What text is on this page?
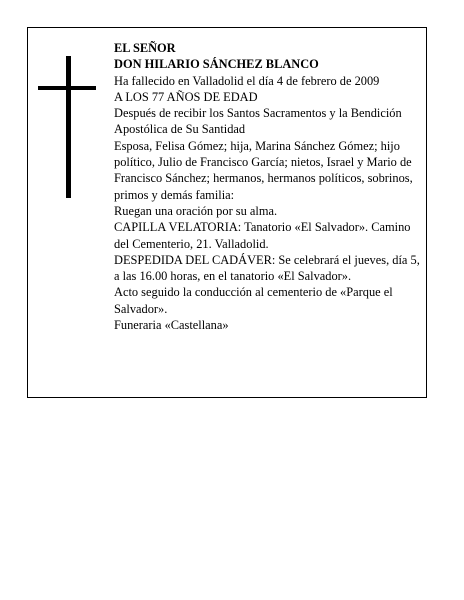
EL SEÑOR

DON HILARIO SÁNCHEZ BLANCO

Ha fallecido en Valladolid el día 4 de febrero de 2009

A LOS 77 AÑOS DE EDAD

Después de recibir los Santos Sacramentos y la Bendición Apostólica de Su Santidad

Esposa, Felisa Gómez; hija, Marina Sánchez Gómez; hijo político, Julio de Francisco García; nietos, Israel y Mario de Francisco Sánchez; hermanos, hermanos políticos, sobrinos, primos y demás familia:

Ruegan una oración por su alma.

CAPILLA VELATORIA: Tanatorio «El Salvador». Camino del Cementerio, 21. Valladolid.

DESPEDIDA DEL CADÁVER: Se celebrará el jueves, día 5, a las 16.00 horas, en el tanatorio «El Salvador».

Acto seguido la conducción al cementerio de «Parque el Salvador».

Funeraria «Castellana»
